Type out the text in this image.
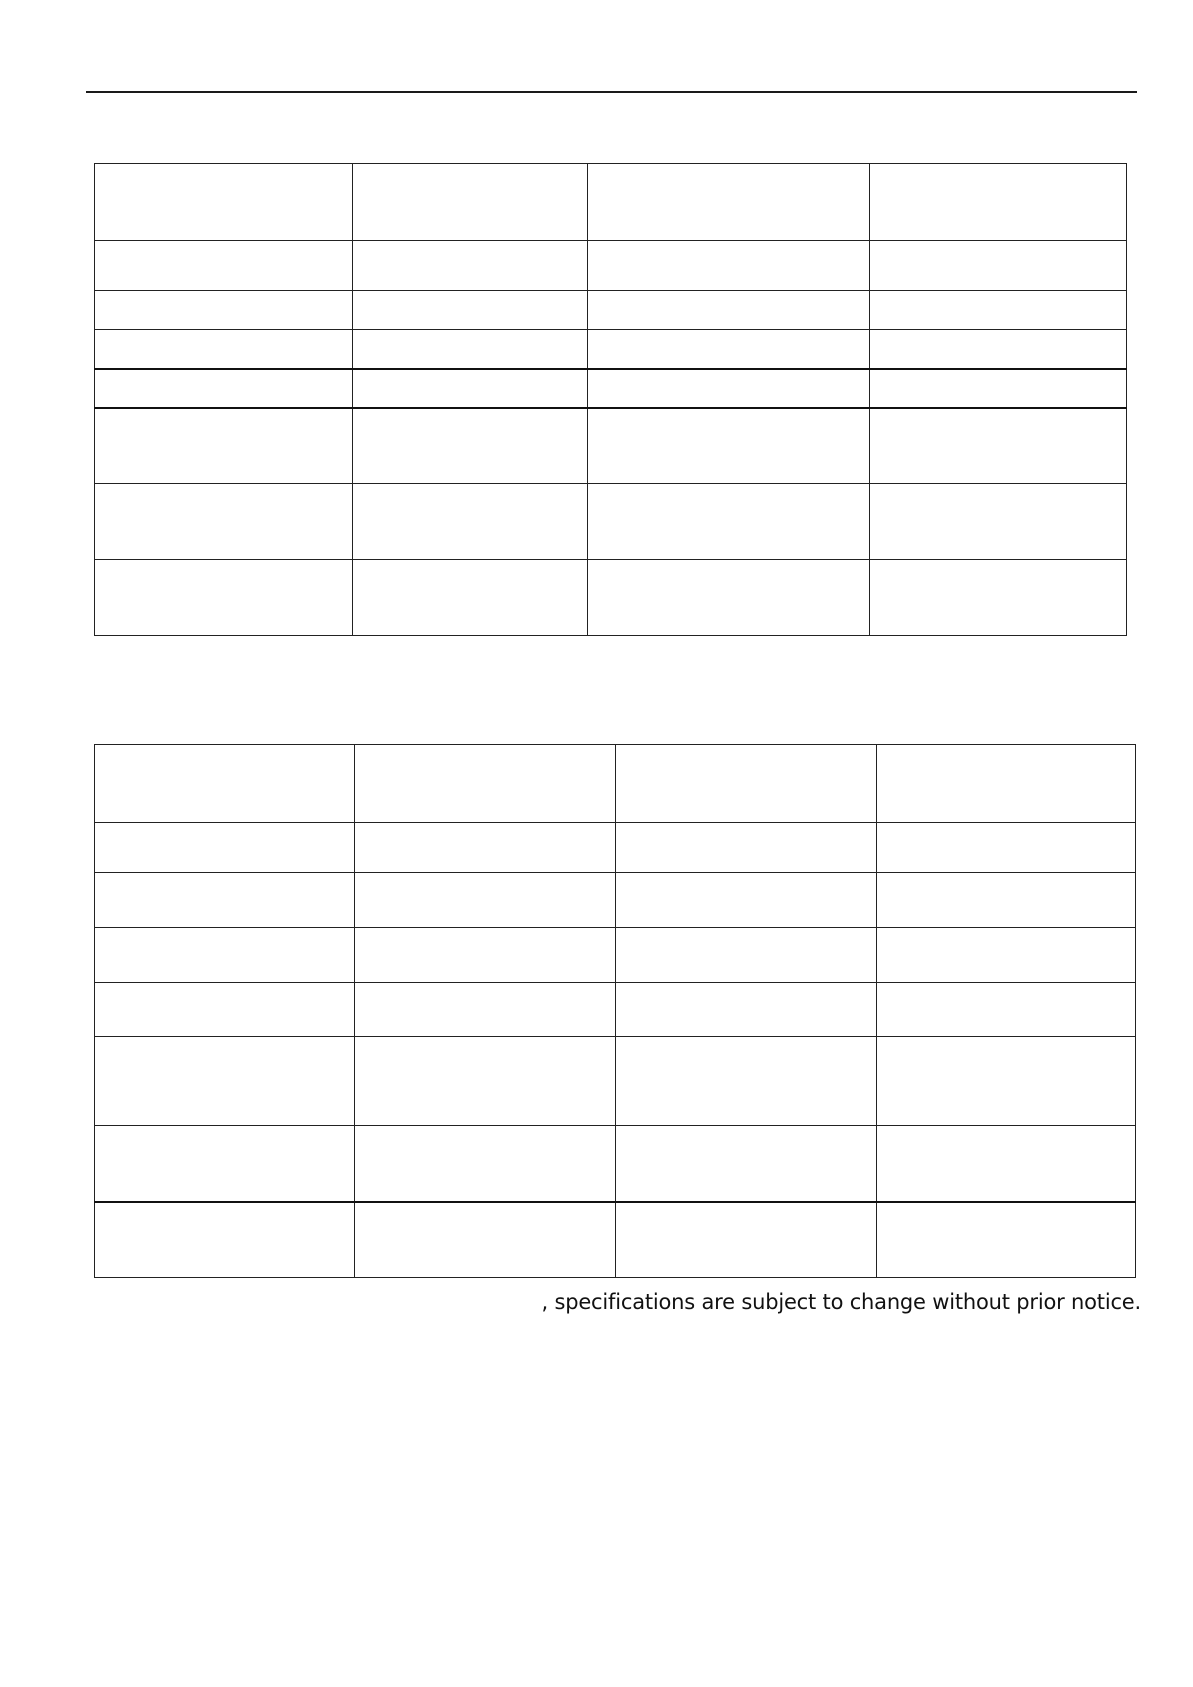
, specifications are subject to change without prior notice.
